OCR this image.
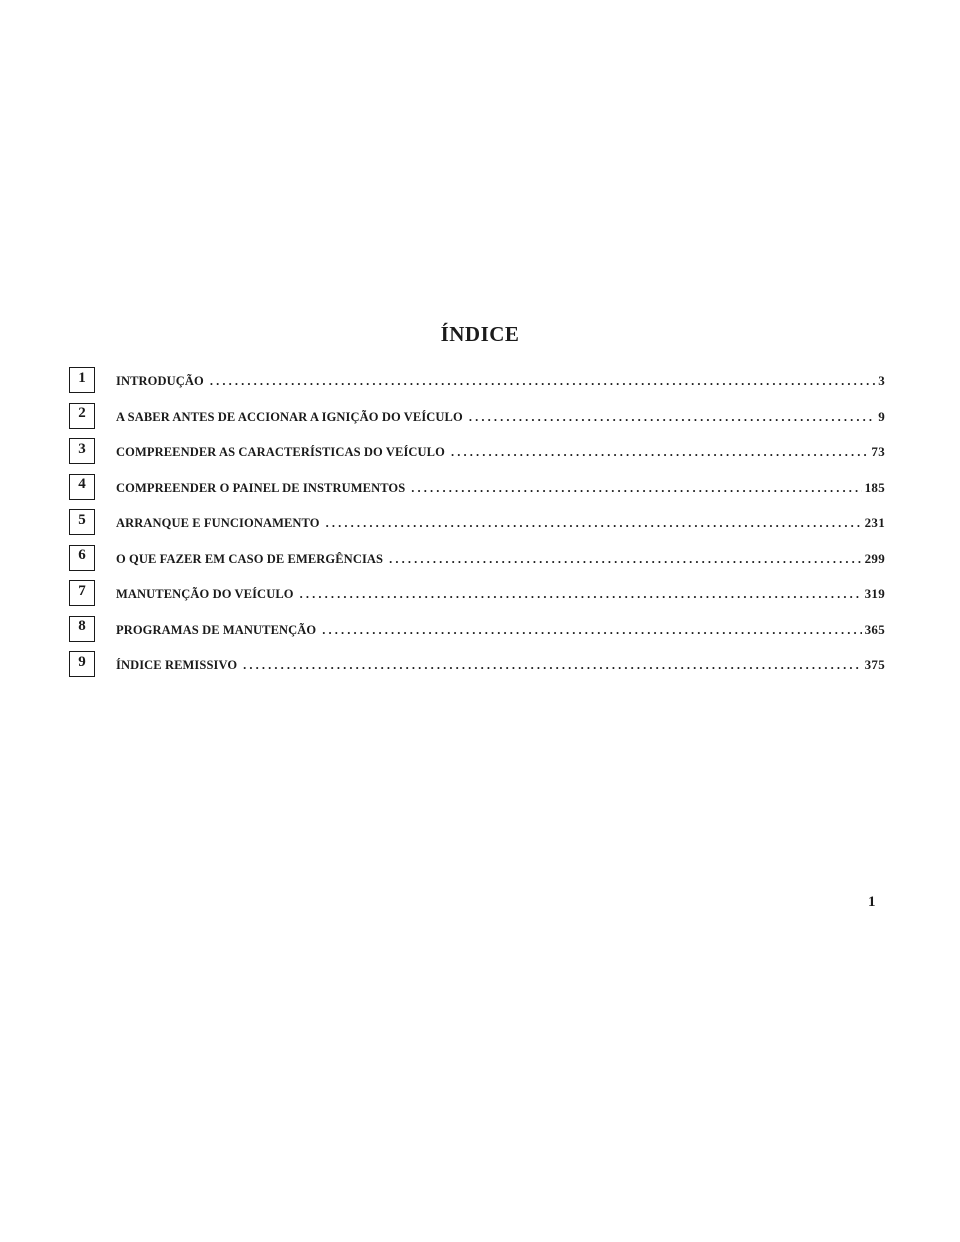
ÍNDICE
1	INTRODUÇÃO . . .	3
2	A SABER ANTES DE ACCIONAR A IGNIÇÃO DO VEÍCULO . . .	9
3	COMPREENDER AS CARACTERÍSTICAS DO VEÍCULO . . .	73
4	COMPREENDER O PAINEL DE INSTRUMENTOS . . .	185
5	ARRANQUE E FUNCIONAMENTO . . .	231
6	O QUE FAZER EM CASO DE EMERGÊNCIAS . . .	299
7	MANUTENÇÃO DO VEÍCULO . . .	319
8	PROGRAMAS DE MANUTENÇÃO . . .	365
9	ÍNDICE REMISSIVO . . .	375
1
